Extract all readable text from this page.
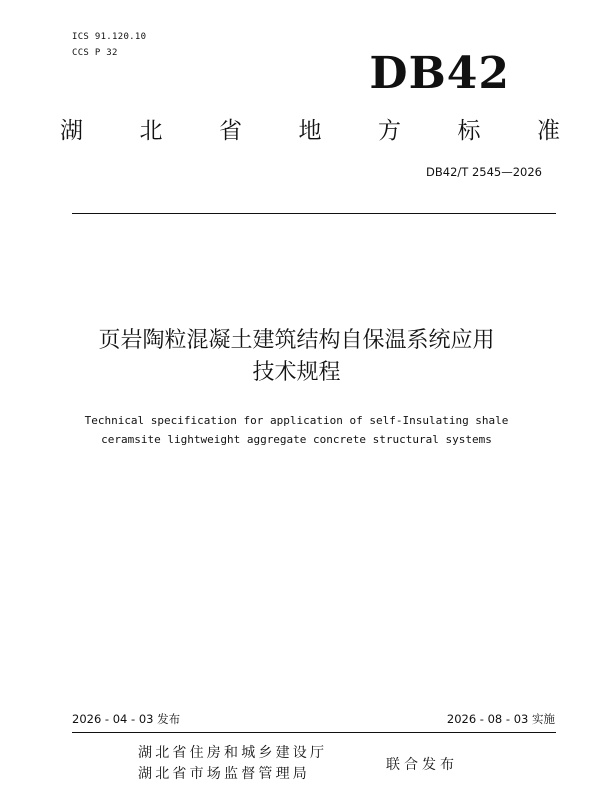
ICS 91.120.10
CCS P 32	DB42
湖 北 省 地 方 标 准
DB42/T 2545—2026
页岩陶粒混凝土建筑结构自保温系统应用
技术规程
Technical specification for application of self-Insulating shale
ceramsite lightweight aggregate concrete structural systems
2026 - 04 - 03 发布	2026 - 08 - 03 实施
湖北省住房和城乡建设厅
湖北省市场监督管理局
联合发布
